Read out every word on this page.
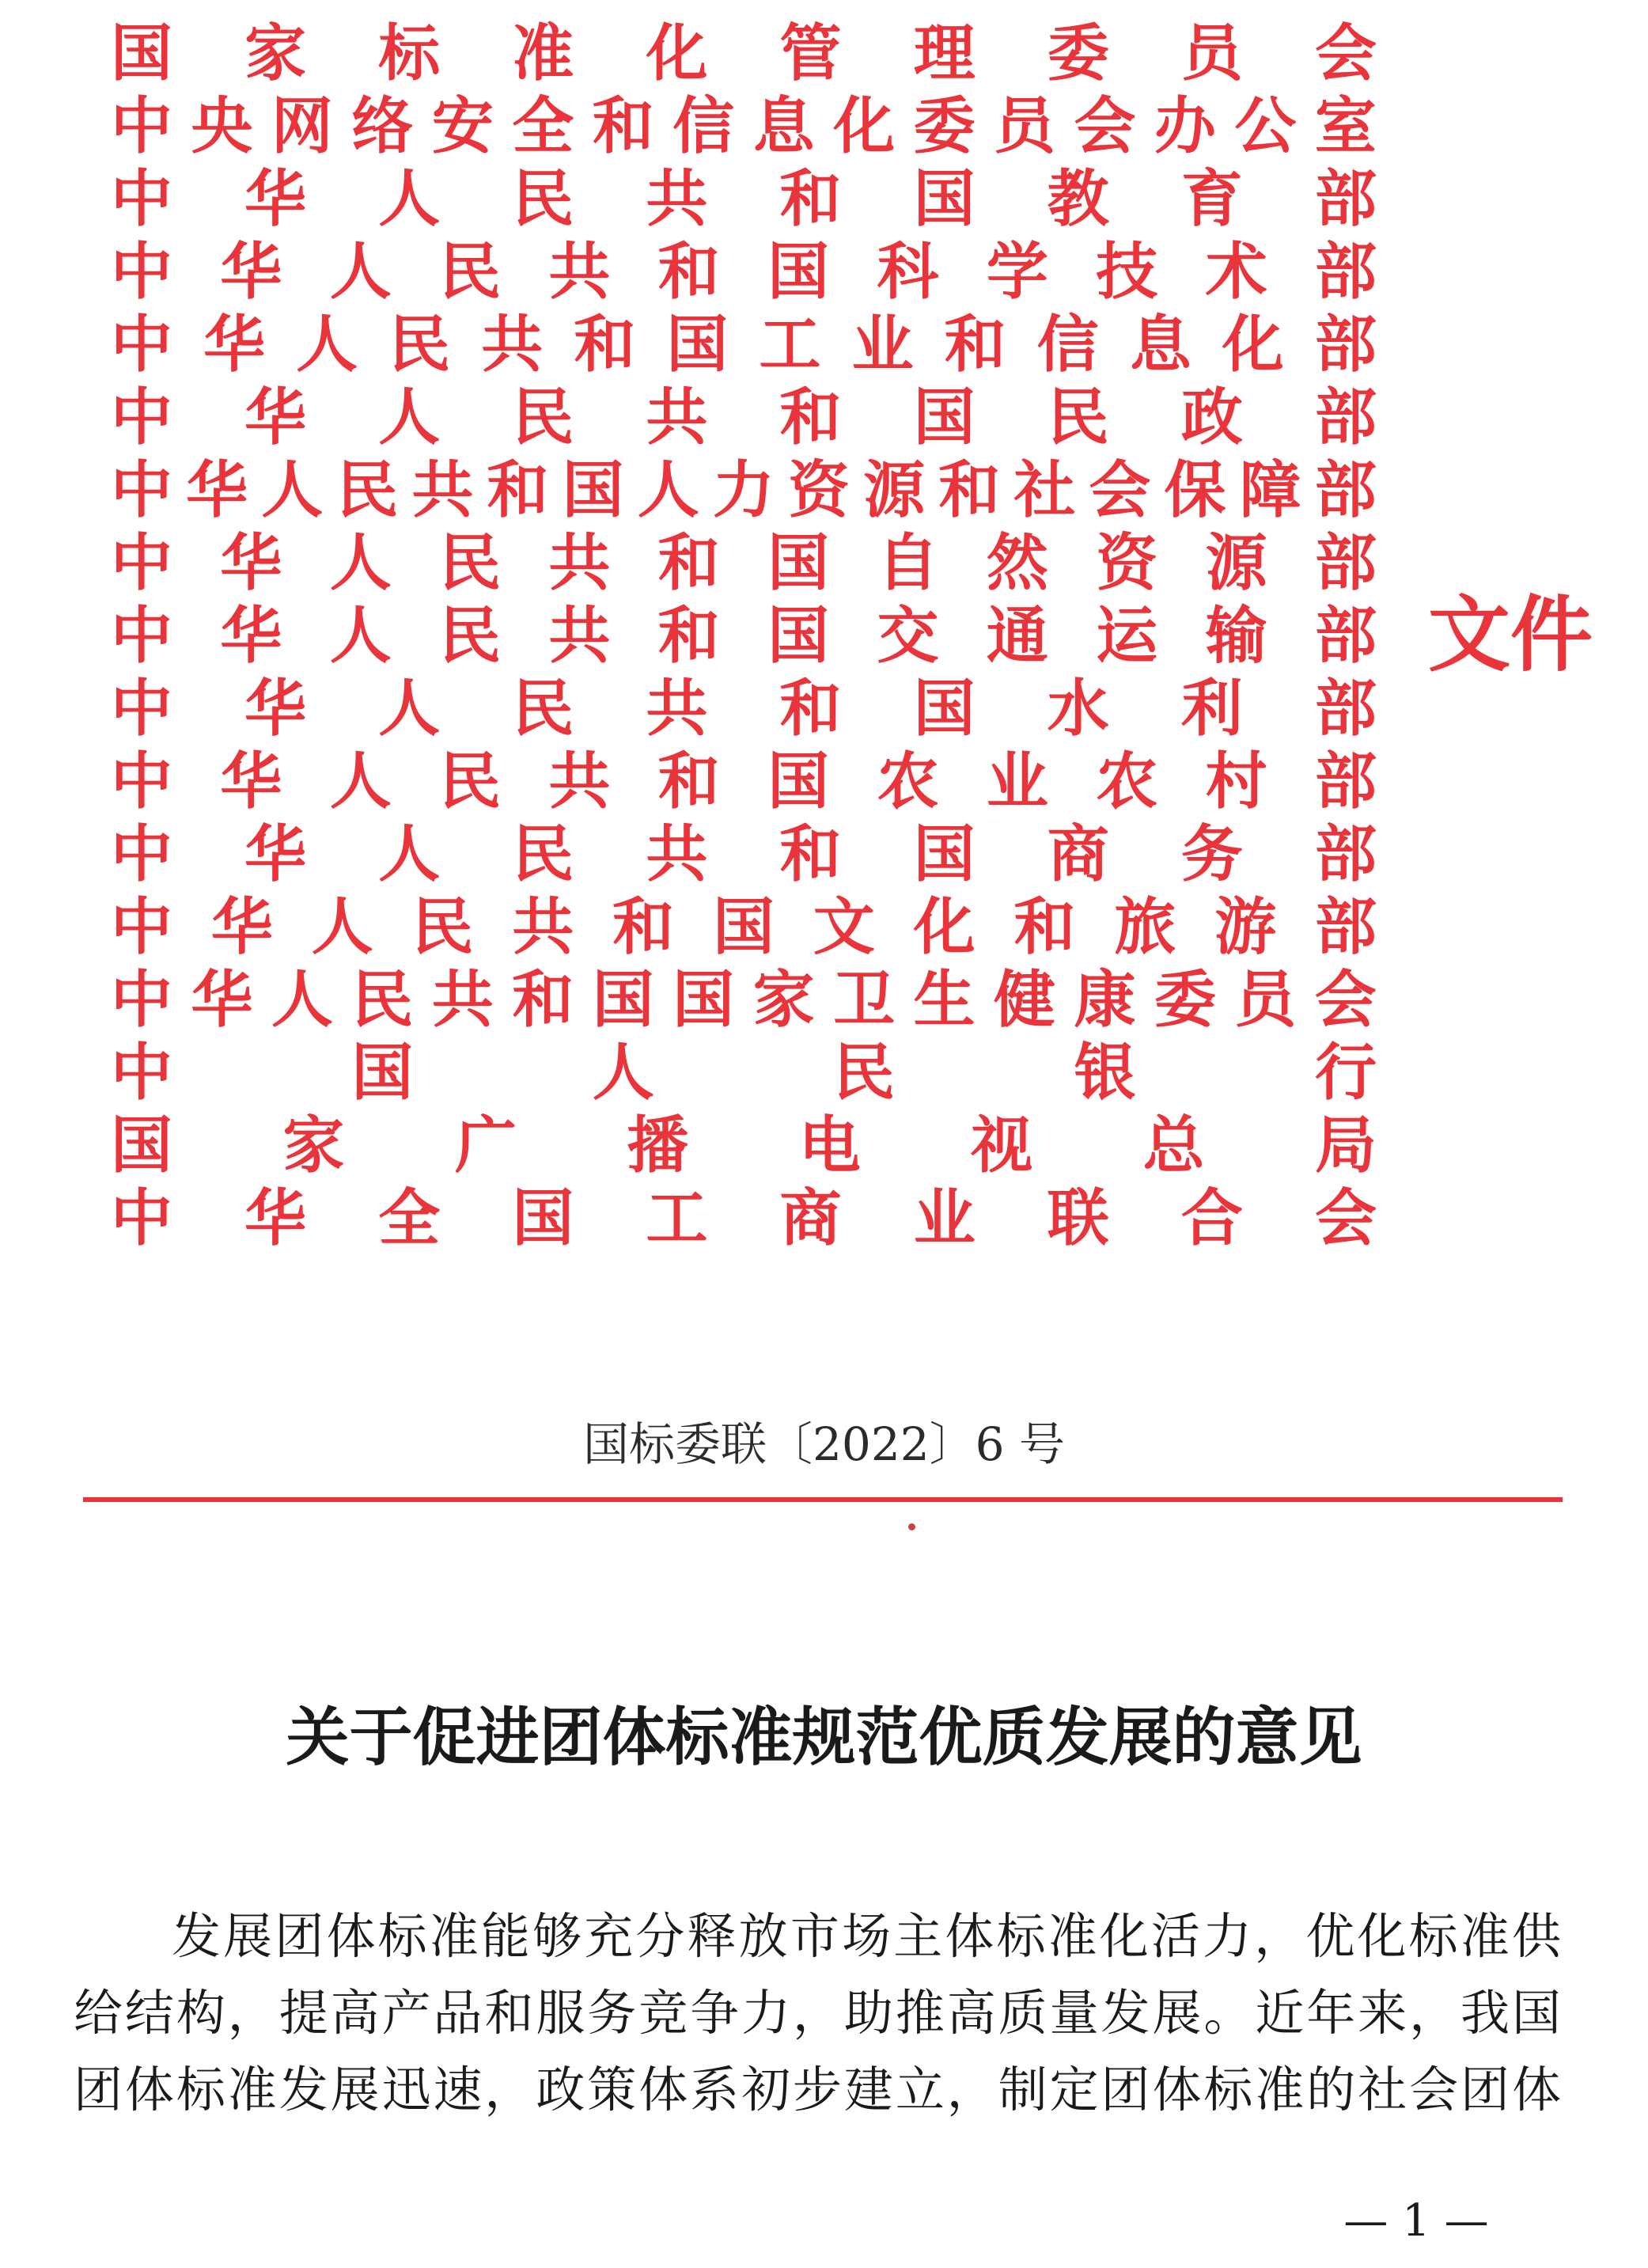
国 家 标 准 化 管 理 委 员 会
中 央 网 络 安 全 和 信 息 化 委 员 会 办 公 室
中 华 人 民 共 和 国 教 育 部
中 华 人 民 共 和 国 科 学 技 术 部
中 华 人 民 共 和 国 工 业 和 信 息 化 部
中 华 人 民 共 和 国 民 政 部
中 华 人 民 共 和 国 人 力 资 源 和 社 会 保 障 部
中 华 人 民 共 和 国 自 然 资 源 部
中 华 人 民 共 和 国 交 通 运 输 部
中 华 人 民 共 和 国 水 利 部
中 华 人 民 共 和 国 农 业 农 村 部
中 华 人 民 共 和 国 商 务 部
中 华 人 民 共 和 国 文 化 和 旅 游 部
中 华 人 民 共 和 国 国 家 卫 生 健 康 委 员 会
中	国	人	民	银	行
国 家 广 播 电 视 总 局
中 华 全 国 工 商 业 联 合 会
文件
国标委联〔2022〕6 号
关于促进团体标准规范优质发展的意见
发展团体标准能够充分释放市场主体标准化活力，优化标准供
给结构，提高产品和服务竞争力，助推高质量发展。近年来，我国
团体标准发展迅速，政策体系初步建立，制定团体标准的社会团体
— 1 —
